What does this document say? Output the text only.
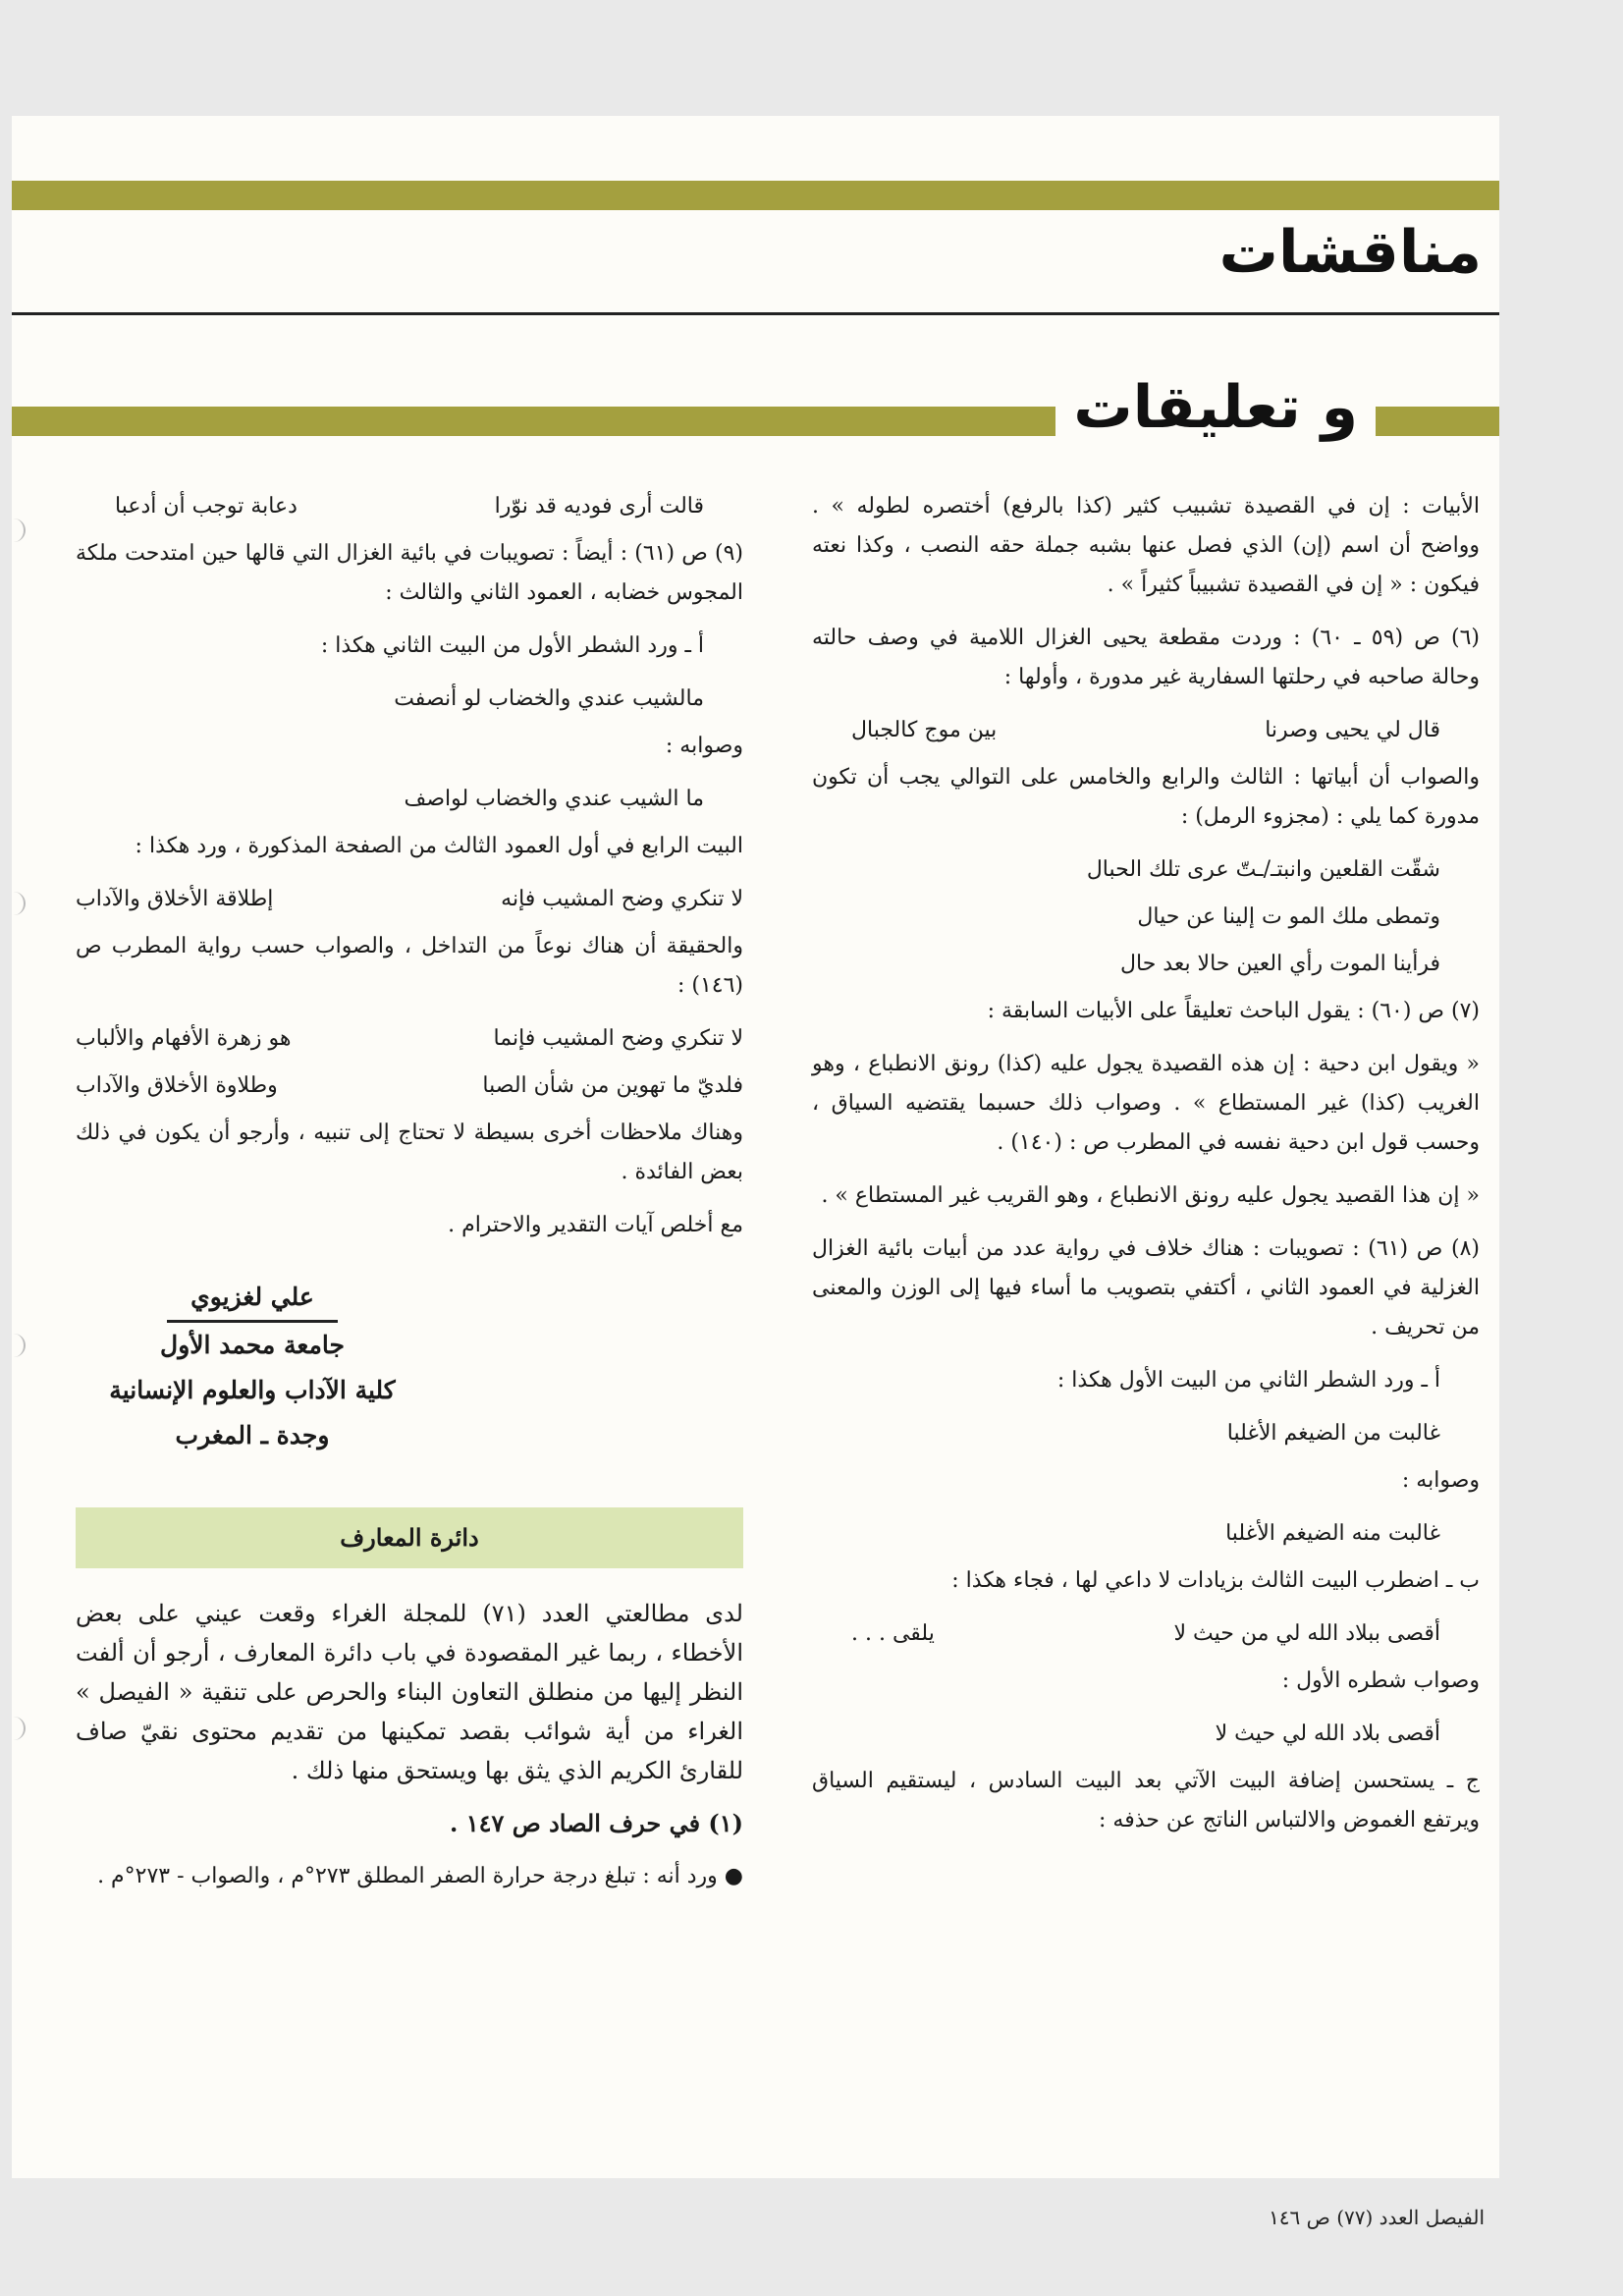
مناقشات
و تعليقات

الأبيات : إن في القصيدة تشبيب كثير (كذا بالرفع) أختصره لطوله » . وواضح أن اسم (إن) الذي فصل عنها بشبه جملة حقه النصب ، وكذا نعته فيكون : « إن في القصيدة تشبيباً كثيراً » .

(٦) ص (٥٩ ـ ٦٠) : وردت مقطعة يحيى الغزال اللامية في وصف حالته وحالة صاحبه في رحلتها السفارية غير مدورة ، وأولها :

قال لي يحيى وصرنا
بين موج كالجبال

والصواب أن أبياتها : الثالث والرابع والخامس على التوالي يجب أن تكون مدورة كما يلي : (مجزوء الرمل) :

شقّت القلعين وانبتـ/ـتّ عرى تلك الحبال
وتمطى ملك المو ت إلينا عن حيال
فرأينا الموت رأي العين حالا بعد حال

(٧) ص (٦٠) : يقول الباحث تعليقاً على الأبيات السابقة :

« ويقول ابن دحية : إن هذه القصيدة يجول عليه (كذا) رونق الانطباع ، وهو الغريب (كذا) غير المستطاع » . وصواب ذلك حسبما يقتضيه السياق ، وحسب قول ابن دحية نفسه في المطرب ص : (١٤٠) .

« إن هذا القصيد يجول عليه رونق الانطباع ، وهو القريب غير المستطاع » .

(٨) ص (٦١) : تصويبات : هناك خلاف في رواية عدد من أبيات بائية الغزال الغزلية في العمود الثاني ، أكتفي بتصويب ما أساء فيها إلى الوزن والمعنى من تحريف .

أ ـ ورد الشطر الثاني من البيت الأول هكذا :

غالبت من الضيغم الأغلبا

وصوابه :

غالبت منه الضيغم الأغلبا

ب ـ اضطرب البيت الثالث بزيادات لا داعي لها ، فجاء هكذا :

أقصى ببلاد الله لي من حيث لا
يلقى . . .

وصواب شطره الأول :

أقصى بلاد الله لي حيث لا

ج ـ يستحسن إضافة البيت الآتي بعد البيت السادس ، ليستقيم السياق ويرتفع الغموض والالتباس الناتج عن حذفه :

قالت أرى فوديه قد نوّرا
دعابة توجب أن أدعبا

(٩) ص (٦١) : أيضاً : تصويبات في بائية الغزال التي قالها حين امتدحت ملكة المجوس خضابه ، العمود الثاني والثالث :

أ ـ ورد الشطر الأول من البيت الثاني هكذا :

مالشيب عندي والخضاب لو أنصفت

وصوابه :

ما الشيب عندي والخضاب لواصف

البيت الرابع في أول العمود الثالث من الصفحة المذكورة ، ورد هكذا :

لا تنكري وضح المشيب فإنه
إطلاقة الأخلاق والآداب

والحقيقة أن هناك نوعاً من التداخل ، والصواب حسب رواية المطرب ص (١٤٦) :

لا تنكري وضح المشيب فإنما
هو زهرة الأفهام والألباب
فلديّ ما تهوين من شأن الصبا
وطلاوة الأخلاق والآداب

وهناك ملاحظات أخرى بسيطة لا تحتاج إلى تنبيه ، وأرجو أن يكون في ذلك بعض الفائدة .

مع أخلص آيات التقدير والاحترام .

علي لغزيوي
جامعة محمد الأول
كلية الآداب والعلوم الإنسانية
وجدة ـ المغرب
دائرة المعارف

لدى مطالعتي العدد (٧١) للمجلة الغراء وقعت عيني على بعض الأخطاء ، ربما غير المقصودة في باب دائرة المعارف ، أرجو أن ألفت النظر إليها من منطلق التعاون البناء والحرص على تنقية « الفيصل » الغراء من أية شوائب بقصد تمكينها من تقديم محتوى نقيّ صاف للقارئ الكريم الذي يثق بها ويستحق منها ذلك .

(١) في حرف الصاد ص ١٤٧ .

● ورد أنه : تبلغ درجة حرارة الصفر المطلق ٢٧٣°م ، والصواب - ٢٧٣°م .

الفيصل العدد (٧٧) ص ١٤٦
